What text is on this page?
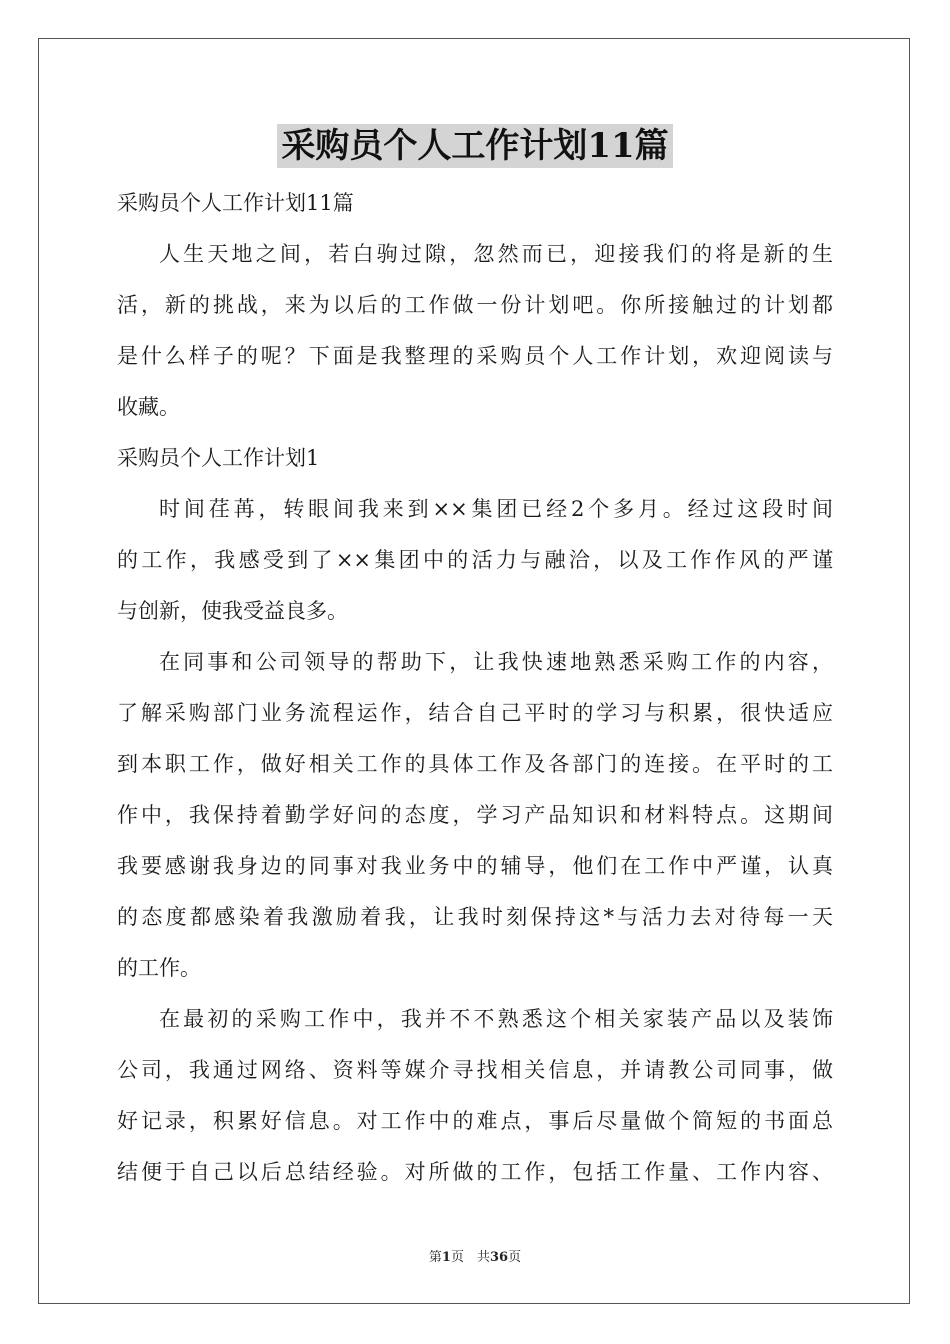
采购员个人工作计划11篇
采购员个人工作计划11篇
人生天地之间，若白驹过隙，忽然而已，迎接我们的将是新的生
活，新的挑战，来为以后的工作做一份计划吧。你所接触过的计划都
是什么样子的呢？下面是我整理的采购员个人工作计划，欢迎阅读与
收藏。
采购员个人工作计划1
时间荏苒，转眼间我来到××集团已经2个多月。经过这段时间
的工作，我感受到了××集团中的活力与融洽，以及工作作风的严谨
与创新，使我受益良多。
在同事和公司领导的帮助下，让我快速地熟悉采购工作的内容，
了解采购部门业务流程运作，结合自己平时的学习与积累，很快适应
到本职工作，做好相关工作的具体工作及各部门的连接。在平时的工
作中，我保持着勤学好问的态度，学习产品知识和材料特点。这期间
我要感谢我身边的同事对我业务中的辅导，他们在工作中严谨，认真
的态度都感染着我激励着我，让我时刻保持这*与活力去对待每一天
的工作。
在最初的采购工作中，我并不不熟悉这个相关家装产品以及装饰
公司，我通过网络、资料等媒介寻找相关信息，并请教公司同事，做
好记录，积累好信息。对工作中的难点，事后尽量做个简短的书面总
结便于自己以后总结经验。对所做的工作，包括工作量、工作内容、
第1页　共36页
